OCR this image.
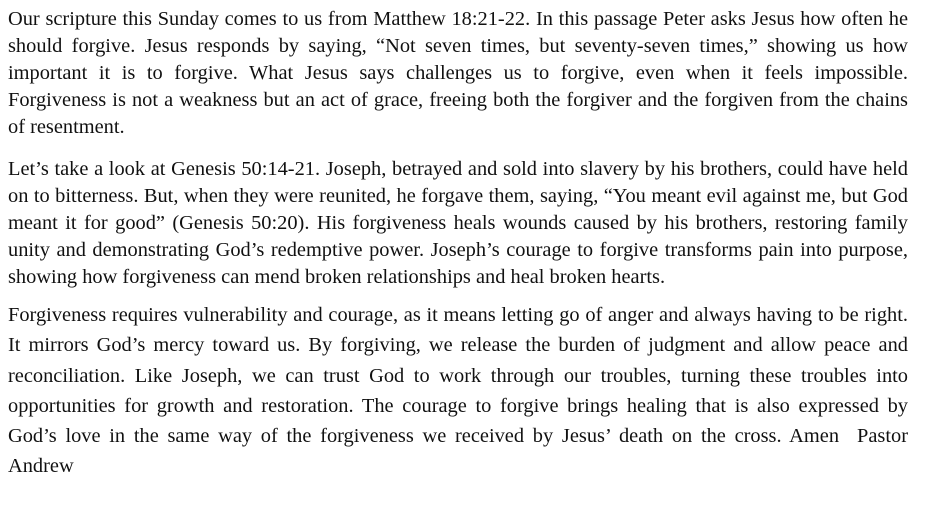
Our scripture this Sunday comes to us from Matthew 18:21-22. In this passage Peter asks Jesus how often he should forgive. Jesus responds by saying, “Not seven times, but seventy-seven times,” showing us how important it is to forgive. What Jesus says challenges us to forgive, even when it feels impossible. Forgiveness is not a weakness but an act of grace, freeing both the forgiver and the forgiven from the chains of resentment.

Let’s take a look at Genesis 50:14-21. Joseph, betrayed and sold into slavery by his brothers, could have held on to bitterness. But, when they were reunited, he forgave them, saying, “You meant evil against me, but God meant it for good” (Genesis 50:20). His forgiveness heals wounds caused by his brothers, restoring family unity and demonstrating God’s redemptive power. Joseph’s courage to forgive transforms pain into purpose, showing how forgiveness can mend broken relationships and heal broken hearts.

Forgiveness requires vulnerability and courage, as it means letting go of anger and always having to be right. It mirrors God’s mercy toward us. By forgiving, we release the burden of judgment and allow peace and reconciliation. Like Joseph, we can trust God to work through our troubles, turning these troubles into opportunities for growth and restoration. The courage to forgive brings healing that is also expressed by God’s love in the same way of the forgiveness we received by Jesus’ death on the cross. Amen Pastor Andrew
